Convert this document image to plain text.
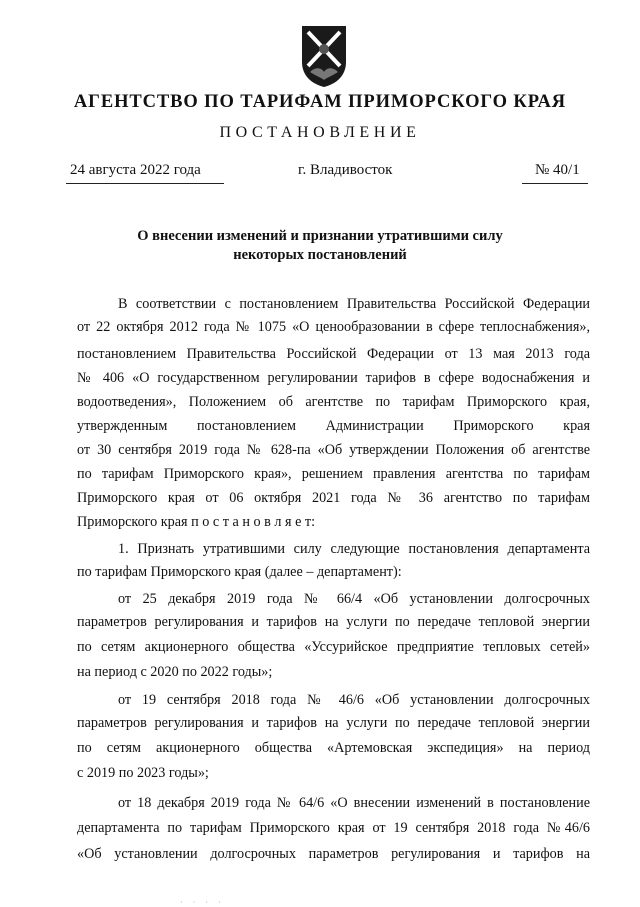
АГЕНТСТВО ПО ТАРИФАМ ПРИМОРСКОГО КРАЯ
ПОСТАНОВЛЕНИЕ
24 августа 2022 года	г. Владивосток	№ 40/1
О внесении изменений и признании утратившими силу
некоторых постановлений
В соответствии с постановлением Правительства Российской Федерации
от 22 октября 2012 года № 1075 «О ценообразовании в сфере теплоснабжения»,
постановлением Правительства Российской Федерации от 13 мая 2013 года
№ 406 «О государственном регулировании тарифов в сфере водоснабжения и
водоотведения», Положением об агентстве по тарифам Приморского края,
утвержденным постановлением Администрации Приморского края
от 30 сентября 2019 года № 628-па «Об утверждении Положения об агентстве
по тарифам Приморского края», решением правления агентства по тарифам
Приморского края от 06 октября 2021 года № 36 агентство по тарифам
Приморского края п о с т а н о в л я е т:
1. Признать утратившими силу следующие постановления департамента
по тарифам Приморского края (далее – департамент):
от 25 декабря 2019 года № 66/4 «Об установлении долгосрочных
параметров регулирования и тарифов на услуги по передаче тепловой энергии
по сетям акционерного общества «Уссурийское предприятие тепловых сетей»
на период с 2020 по 2022 годы»;
от 19 сентября 2018 года № 46/6 «Об установлении долгосрочных
параметров регулирования и тарифов на услуги по передаче тепловой энергии
по сетям акционерного общества «Артемовская экспедиция» на период
с 2019 по 2023 годы»;
от 18 декабря 2019 года № 64/6 «О внесении изменений в постановление
департамента по тарифам Приморского края от 19 сентября 2018 года №46/6
«Об установлении долгосрочных параметров регулирования и тарифов на
· · · ·
